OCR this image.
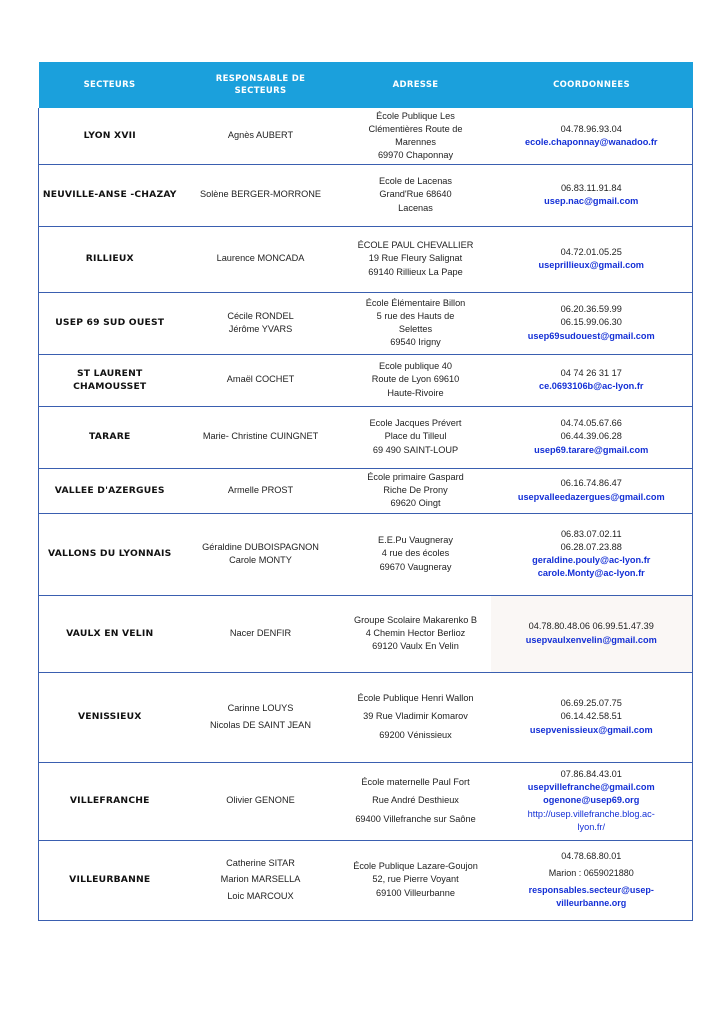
SECTEURS	RESPONSABLE DE SECTEURS	ADRESSE	COORDONNEES
LYON XVII	Agnès AUBERT	École Publique Les
Clémentières Route de
Marennes
69970 Chaponnay	04.78.96.93.04
ecole.chaponnay@wanadoo.fr

NEUVILLE-ANSE -CHAZAY	Solène BERGER-MORRONE	Ecole de Lacenas
Grand'Rue 68640
Lacenas	06.83.11.91.84
usep.nac@gmail.com

RILLIEUX	Laurence MONCADA	ÉCOLE PAUL CHEVALLIER
19 Rue Fleury Salignat
69140 Rillieux La Pape	04.72.01.05.25
useprillieux@gmail.com

USEP 69 SUD OUEST	Cécile RONDEL
Jérôme YVARS	École Élémentaire Billon
5 rue des Hauts de
Selettes
69540 Irigny	06.20.36.59.99
06.15.99.06.30
usep69sudouest@gmail.com

ST LAURENT CHAMOUSSET	Amaël COCHET	Ecole publique 40
Route de Lyon 69610
Haute-Rivoire	04 74 26 31 17
ce.0693106b@ac-lyon.fr

TARARE	Marie- Christine CUINGNET	Ecole Jacques Prévert
Place du Tilleul
69 490 SAINT-LOUP	04.74.05.67.66
06.44.39.06.28
usep69.tarare@gmail.com

VALLEE D'AZERGUES	Armelle PROST	École primaire Gaspard
Riche De Prony
69620 Oingt	06.16.74.86.47
usepvalleedazergues@gmail.com

VALLONS DU LYONNAIS	Géraldine DUBOISPAGNON
Carole MONTY	E.E.Pu Vaugneray
4 rue des écoles
69670 Vaugneray	06.83.07.02.11
06.28.07.23.88
geraldine.pouly@ac-lyon.fr
carole.Monty@ac-lyon.fr

VAULX EN VELIN	Nacer DENFIR	Groupe Scolaire Makarenko B
4 Chemin Hector Berlioz
69120 Vaulx En Velin	04.78.80.48.06 06.99.51.47.39
usepvaulxenvelin@gmail.com

VENISSIEUX	Carinne LOUYS
Nicolas DE SAINT JEAN	École Publique Henri Wallon
39 Rue Vladimir Komarov
69200 Vénissieux	06.69.25.07.75
06.14.42.58.51
usepvenissieux@gmail.com

VILLEFRANCHE	Olivier GENONE	École maternelle Paul Fort
Rue André Desthieux
69400 Villefranche sur Saône	07.86.84.43.01
usepvillefranche@gmail.com
ogenone@usep69.org
http://usep.villefranche.blog.ac-
lyon.fr/

VILLEURBANNE	Catherine SITAR
Marion MARSELLA
Loic MARCOUX	École Publique Lazare-Goujon
52, rue Pierre Voyant
69100 Villeurbanne	04.78.68.80.01
Marion : 0659021880
responsables.secteur@usep- villeurbanne.org
